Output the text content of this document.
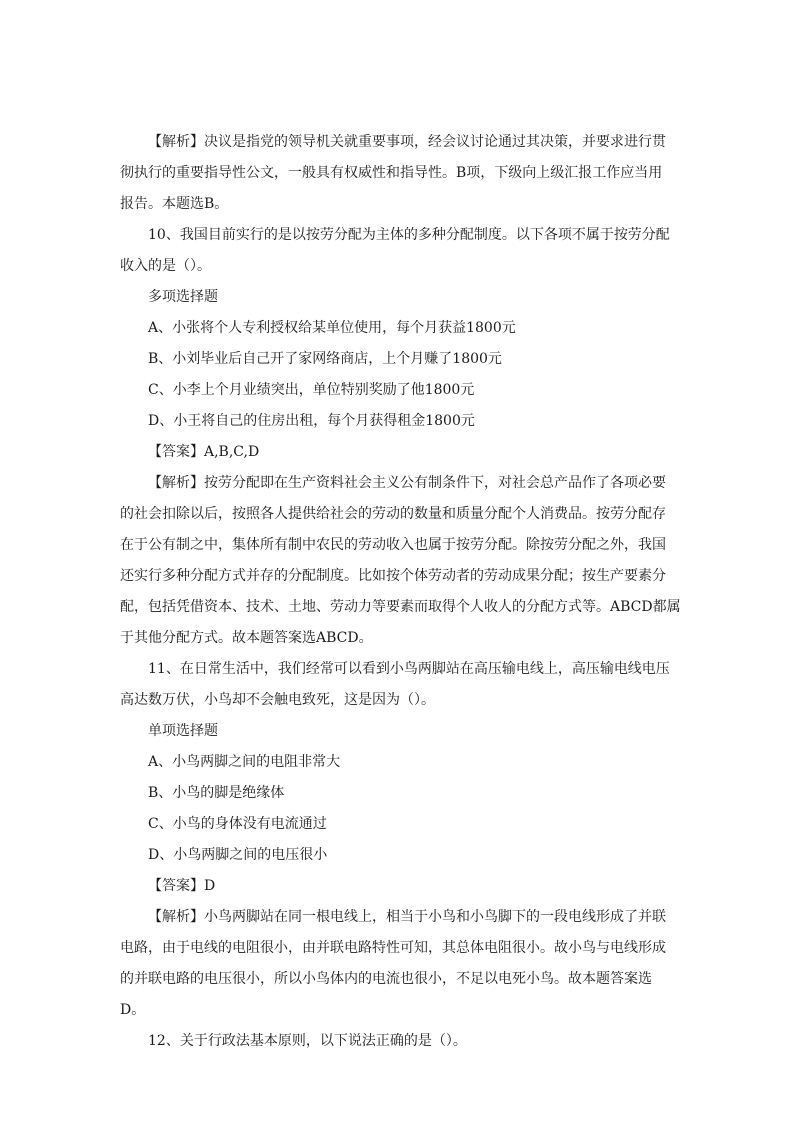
【解析】决议是指党的领导机关就重要事项，经会议讨论通过其决策，并要求进行贯
彻执行的重要指导性公文，一般具有权威性和指导性。B项，下级向上级汇报工作应当用
报告。本题选B。

10、我国目前实行的是以按劳分配为主体的多种分配制度。以下各项不属于按劳分配
收入的是（）。

多项选择题

A、小张将个人专利授权给某单位使用，每个月获益1800元

B、小刘毕业后自己开了家网络商店，上个月赚了1800元

C、小李上个月业绩突出，单位特别奖励了他1800元

D、小王将自己的住房出租，每个月获得租金1800元

【答案】A,B,C,D

【解析】按劳分配即在生产资料社会主义公有制条件下，对社会总产品作了各项必要
的社会扣除以后，按照各人提供给社会的劳动的数量和质量分配个人消费品。按劳分配存
在于公有制之中，集体所有制中农民的劳动收入也属于按劳分配。除按劳分配之外，我国
还实行多种分配方式并存的分配制度。比如按个体劳动者的劳动成果分配；按生产要素分
配，包括凭借资本、技术、土地、劳动力等要素而取得个人收人的分配方式等。ABCD都属
于其他分配方式。故本题答案选ABCD。

11、在日常生活中，我们经常可以看到小鸟两脚站在高压输电线上，高压输电线电压
高达数万伏，小鸟却不会触电致死，这是因为（）。

单项选择题

A、小鸟两脚之间的电阻非常大

B、小鸟的脚是绝缘体

C、小鸟的身体没有电流通过

D、小鸟两脚之间的电压很小

【答案】D

【解析】小鸟两脚站在同一根电线上，相当于小鸟和小鸟脚下的一段电线形成了并联
电路，由于电线的电阻很小，由并联电路特性可知，其总体电阻很小。故小鸟与电线形成
的并联电路的电压很小，所以小鸟体内的电流也很小，不足以电死小鸟。故本题答案选
D。

12、关于行政法基本原则，以下说法正确的是（）。
